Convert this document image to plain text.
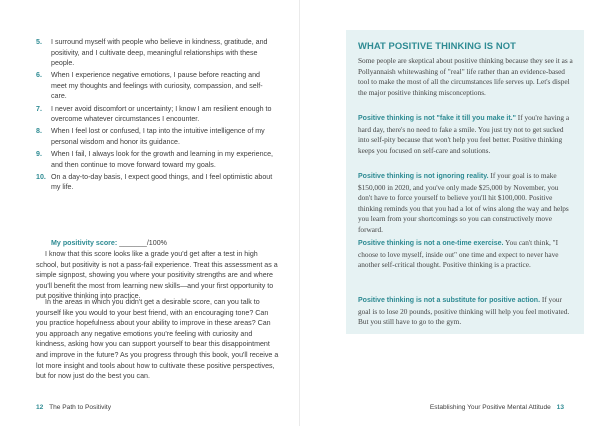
5.	I surround myself with people who believe in kindness, gratitude, and positivity, and I cultivate deep, meaningful relationships with these people.
6.	When I experience negative emotions, I pause before reacting and meet my thoughts and feelings with curiosity, compassion, and self-care.
7.	I never avoid discomfort or uncertainty; I know I am resilient enough to overcome whatever circumstances I encounter.
8.	When I feel lost or confused, I tap into the intuitive intelligence of my personal wisdom and honor its guidance.
9.	When I fail, I always look for the growth and learning in my experience, and then continue to move forward toward my goals.
10. On a day-to-day basis, I expect good things, and I feel optimistic about my life.
My positivity score: _______/100%

I know that this score looks like a grade you'd get after a test in high school, but positivity is not a pass-fail experience. Treat this assessment as a simple signpost, showing you where your positivity strengths are and where you'll benefit the most from learning new skills—and your first opportunity to put positive thinking into practice.

In the areas in which you didn't get a desirable score, can you talk to yourself like you would to your best friend, with an encouraging tone? Can you practice hopefulness about your ability to improve in these areas? Can you approach any negative emotions you're feeling with curiosity and kindness, asking how you can support yourself to bear this disappointment and improve in the future? As you progress through this book, you'll receive a lot more insight and tools about how to cultivate these positive perspectives, but for now just do the best you can.

12 The Path to Positivity
WHAT POSITIVE THINKING IS NOT

Some people are skeptical about positive thinking because they see it as a Pollyannaish whitewashing of "real" life rather than an evidence-based tool to make the most of all the circumstances life serves up. Let's dispel the major positive thinking misconceptions.

Positive thinking is not "fake it till you make it." If you're having a hard day, there's no need to fake a smile. You just try not to get sucked into self-pity because that won't help you feel better. Positive thinking keeps you focused on self-care and solutions.

Positive thinking is not ignoring reality. If your goal is to make $150,000 in 2020, and you've only made $25,000 by November, you don't have to force yourself to believe you'll hit $100,000. Positive thinking reminds you that you had a lot of wins along the way and helps you learn from your shortcomings so you can constructively move forward.

Positive thinking is not a one-time exercise. You can't think, "I choose to love myself, inside out" one time and expect to never have another self-critical thought. Positive thinking is a practice.

Positive thinking is not a substitute for positive action. If your goal is to lose 20 pounds, positive thinking will help you feel motivated. But you still have to go to the gym.

Establishing Your Positive Mental Attitude 13
